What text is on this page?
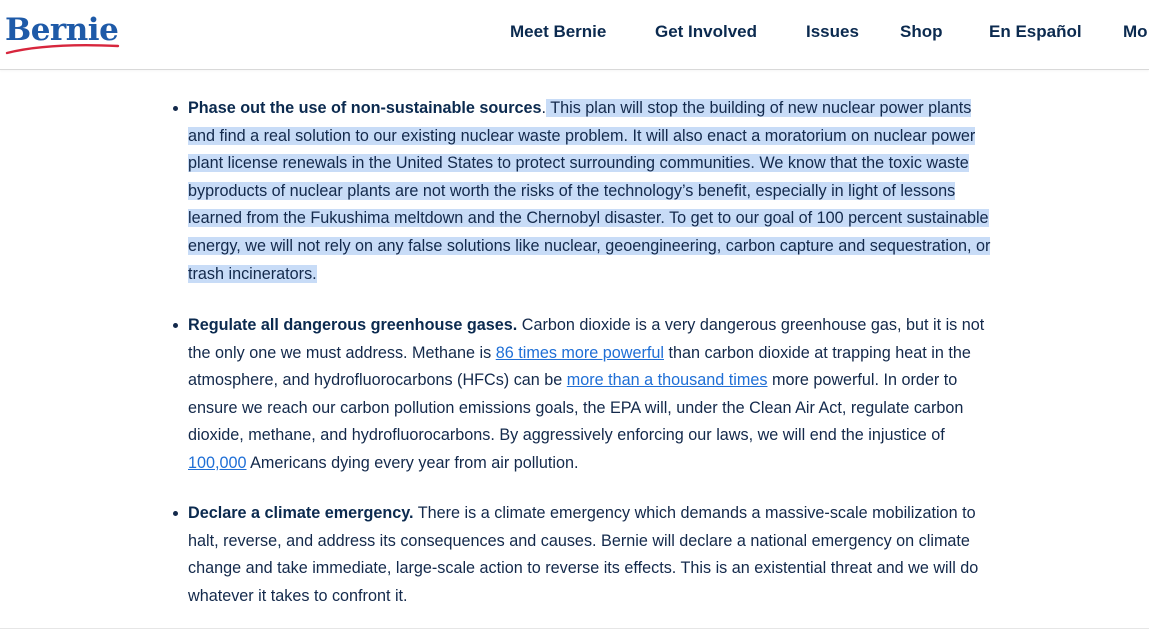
Bernie	Meet Bernie	Get Involved	Issues Shop	En Español Mo

Phase out the use of non-sustainable sources. This plan will stop the building of new nuclear power plants and find a real solution to our existing nuclear waste problem. It will also enact a moratorium on nuclear power plant license renewals in the United States to protect surrounding communities. We know that the toxic waste byproducts of nuclear plants are not worth the risks of the technology’s benefit, especially in light of lessons learned from the Fukushima meltdown and the Chernobyl disaster. To get to our goal of 100 percent sustainable energy, we will not rely on any false solutions like nuclear, geoengineering, carbon capture and sequestration, or trash incinerators.

Regulate all dangerous greenhouse gases. Carbon dioxide is a very dangerous greenhouse gas, but it is not the only one we must address. Methane is 86 times more powerful than carbon dioxide at trapping heat in the atmosphere, and hydrofluorocarbons (HFCs) can be more than a thousand times more powerful. In order to ensure we reach our carbon pollution emissions goals, the EPA will, under the Clean Air Act, regulate carbon dioxide, methane, and hydrofluorocarbons. By aggressively enforcing our laws, we will end the injustice of 100,000 Americans dying every year from air pollution.

Declare a climate emergency. There is a climate emergency which demands a massive-scale mobilization to halt, reverse, and address its consequences and causes. Bernie will declare a national emergency on climate change and take immediate, large-scale action to reverse its effects. This is an existential threat and we will do whatever it takes to confront it.
